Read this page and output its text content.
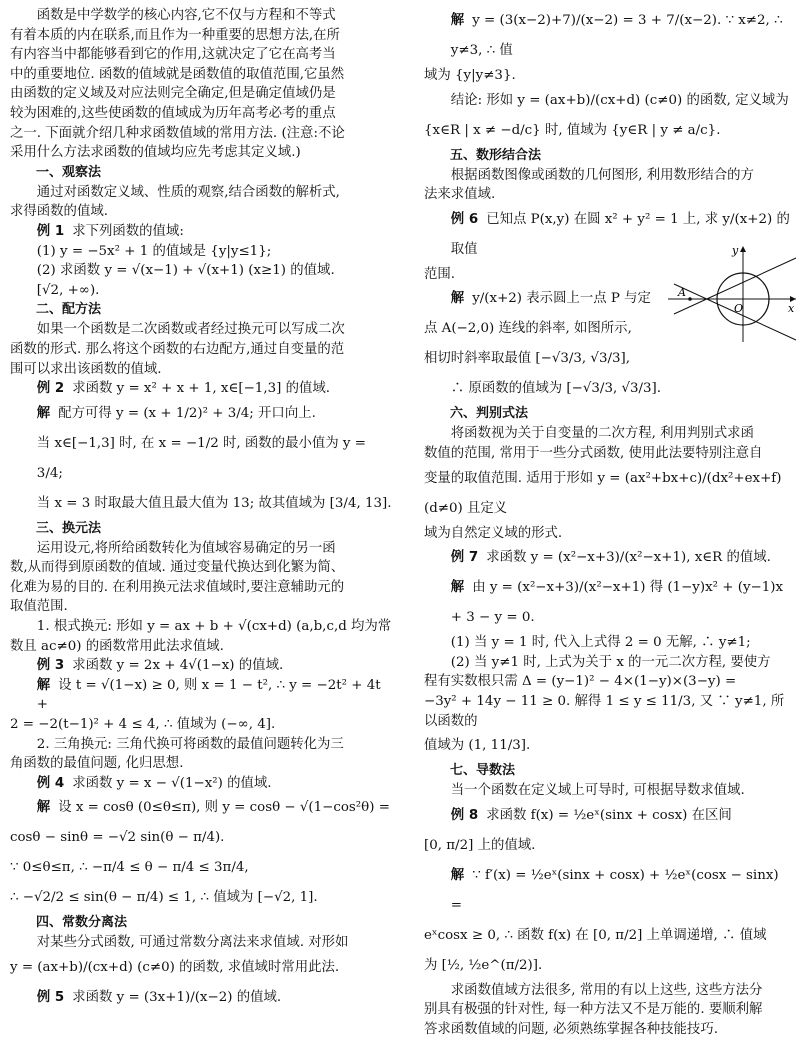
函数是中学数学的核心内容,它不仅与方程和不等式

有着本质的内在联系,而且作为一种重要的思想方法,在所

有内容当中都能够看到它的作用,这就决定了它在高考当

中的重要地位. 函数的值域就是函数值的取值范围,它虽然

由函数的定义域及对应法则完全确定,但是确定值域仍是

较为困难的,这些使函数的值域成为历年高考必考的重点

之一. 下面就介绍几种求函数值域的常用方法. (注意:不论

采用什么方法求函数的值域均应先考虑其定义域.)

一、观察法

通过对函数定义域、性质的观察,结合函数的解析式,

求得函数的值域.

例 1 求下列函数的值域:

(1) y = −5x² + 1 的值域是 {y|y≤1};

(2) 求函数 y = √(x−1) + √(x+1) (x≥1) 的值域.

[√2, +∞).

二、配方法

如果一个函数是二次函数或者经过换元可以写成二次

函数的形式. 那么将这个函数的右边配方,通过自变量的范

围可以求出该函数的值域.

例 2 求函数 y = x² + x + 1, x∈[−1,3] 的值域.

解 配方可得 y = (x + 1/2)² + 3/4; 开口向上.

当 x∈[−1,3] 时, 在 x = −1/2 时, 函数的最小值为 y = 3/4;

当 x = 3 时取最大值且最大值为 13; 故其值域为 [3/4, 13].

三、换元法

运用设元,将所给函数转化为值域容易确定的另一函

数,从而得到原函数的值域. 通过变量代换达到化繁为简、

化难为易的目的. 在利用换元法求值域时,要注意辅助元的

取值范围.

1. 根式换元: 形如 y = ax + b + √(cx+d) (a,b,c,d 均为常

数且 ac≠0) 的函数常用此法求值域.

例 3 求函数 y = 2x + 4√(1−x) 的值域.

解 设 t = √(1−x) ≥ 0, 则 x = 1 − t², ∴ y = −2t² + 4t +

2 = −2(t−1)² + 4 ≤ 4, ∴ 值域为 (−∞, 4].

2. 三角换元: 三角代换可将函数的最值问题转化为三

角函数的最值问题, 化归思想.

例 4 求函数 y = x − √(1−x²) 的值域.

解 设 x = cosθ (0≤θ≤π), 则 y = cosθ − √(1−cos²θ) =

cosθ − sinθ = −√2 sin(θ − π/4).

∵ 0≤θ≤π, ∴ −π/4 ≤ θ − π/4 ≤ 3π/4,

∴ −√2/2 ≤ sin(θ − π/4) ≤ 1, ∴ 值域为 [−√2, 1].

四、常数分离法

对某些分式函数, 可通过常数分离法来求值域. 对形如

y = (ax+b)/(cx+d) (c≠0) 的函数, 求值域时常用此法.

例 5 求函数 y = (3x+1)/(x−2) 的值域.

解 y = (3(x−2)+7)/(x−2) = 3 + 7/(x−2). ∵ x≠2, ∴ y≠3, ∴ 值

域为 {y|y≠3}.

结论: 形如 y = (ax+b)/(cx+d) (c≠0) 的函数, 定义域为

{x∈R | x ≠ −d/c} 时, 值域为 {y∈R | y ≠ a/c}.

五、数形结合法

根据函数图像或函数的几何图形, 利用数形结合的方

法来求值域.

例 6 已知点 P(x,y) 在圆 x² + y² = 1 上, 求 y/(x+2) 的取值

范围.

解 y/(x+2) 表示圆上一点 P 与定

点 A(−2,0) 连线的斜率, 如图所示,

相切时斜率取最值 [−√3/3, √3/3],

∴ 原函数的值域为 [−√3/3, √3/3].

六、判别式法

将函数视为关于自变量的二次方程, 利用判别式求函

数值的范围, 常用于一些分式函数, 使用此法要特别注意自

变量的取值范围. 适用于形如 y = (ax²+bx+c)/(dx²+ex+f) (d≠0) 且定义

域为自然定义域的形式.

例 7 求函数 y = (x²−x+3)/(x²−x+1), x∈R 的值域.

解 由 y = (x²−x+3)/(x²−x+1) 得 (1−y)x² + (y−1)x + 3 − y = 0.

(1) 当 y = 1 时, 代入上式得 2 = 0 无解, ∴ y≠1;

(2) 当 y≠1 时, 上式为关于 x 的一元二次方程, 要使方

程有实数根只需 Δ = (y−1)² − 4×(1−y)×(3−y) =

−3y² + 14y − 11 ≥ 0. 解得 1 ≤ y ≤ 11/3, 又 ∵ y≠1, 所以函数的

值域为 (1, 11/3].

七、导数法

当一个函数在定义域上可导时, 可根据导数求值域.

例 8 求函数 f(x) = ½eˣ(sinx + cosx) 在区间

[0, π/2] 上的值域.

解 ∵ f′(x) = ½eˣ(sinx + cosx) + ½eˣ(cosx − sinx) =

eˣcosx ≥ 0, ∴ 函数 f(x) 在 [0, π/2] 上单调递增, ∴ 值域

为 [½, ½e^(π/2)].

求函数值域方法很多, 常用的有以上这些, 这些方法分

别具有极强的针对性, 每一种方法又不是万能的. 要顺利解

答求函数值域的问题, 必须熟练掌握各种技能技巧.

A
O	x
y
